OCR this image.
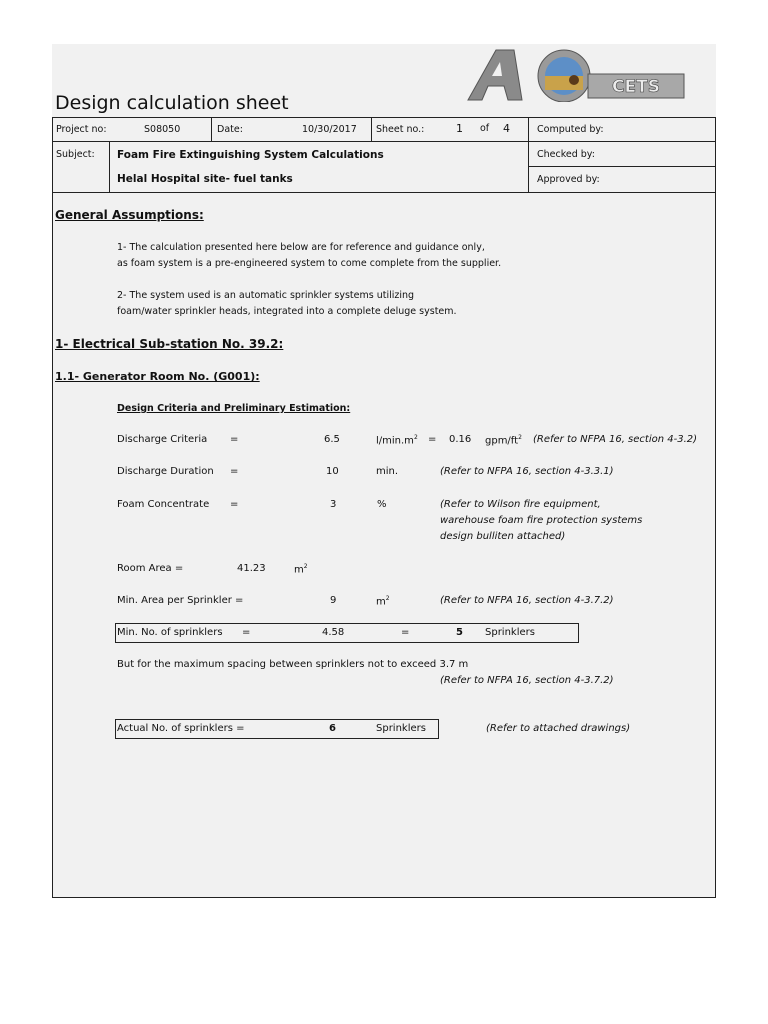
Design calculation sheet
CETS
Project no:	S08050	Date:	10/30/2017 Sheet no.:	1 of 4	Computed by:
Subject: Foam Fire Extinguishing System Calculations
Helal Hospital site- fuel tanks
Checked by:
Approved by:
General Assumptions:
1- The calculation presented here below are for reference and guidance only,
as foam system is a pre-engineered system to come complete from the supplier.
2- The system used is an automatic sprinkler systems utilizing
foam/water sprinkler heads, integrated into a complete deluge system.
1- Electrical Sub-station No. 39.2:
1.1- Generator Room No. (G001):
Design Criteria and Preliminary Estimation:
Discharge Criteria =	6.5	$l/\min.m^2 = 0.16$ gpm/$ft^2$ (Refer to NFPA 16, section 4-3.2)
Discharge Duration =	10	min.	(Refer to NFPA 16, section 4-3.3.1)
Foam Concentrate =	3	%	(Refer to Wilson fire equipment,
warehouse foam fire protection systems
design bulliten attached)
Room Area =	41.23	$m^2$
Min. Area per Sprinkler =	9	$m^2$	(Refer to NFPA 16, section 4-3.7.2)
Min. No. of sprinklers =	4.58	=	5 Sprinklers
But for the maximum spacing between sprinklers not to exceed 3.7 m
(Refer to NFPA 16, section 4-3.7.2)
Actual No. of sprinklers =	6	Sprinklers	(Refer to attached drawings)
